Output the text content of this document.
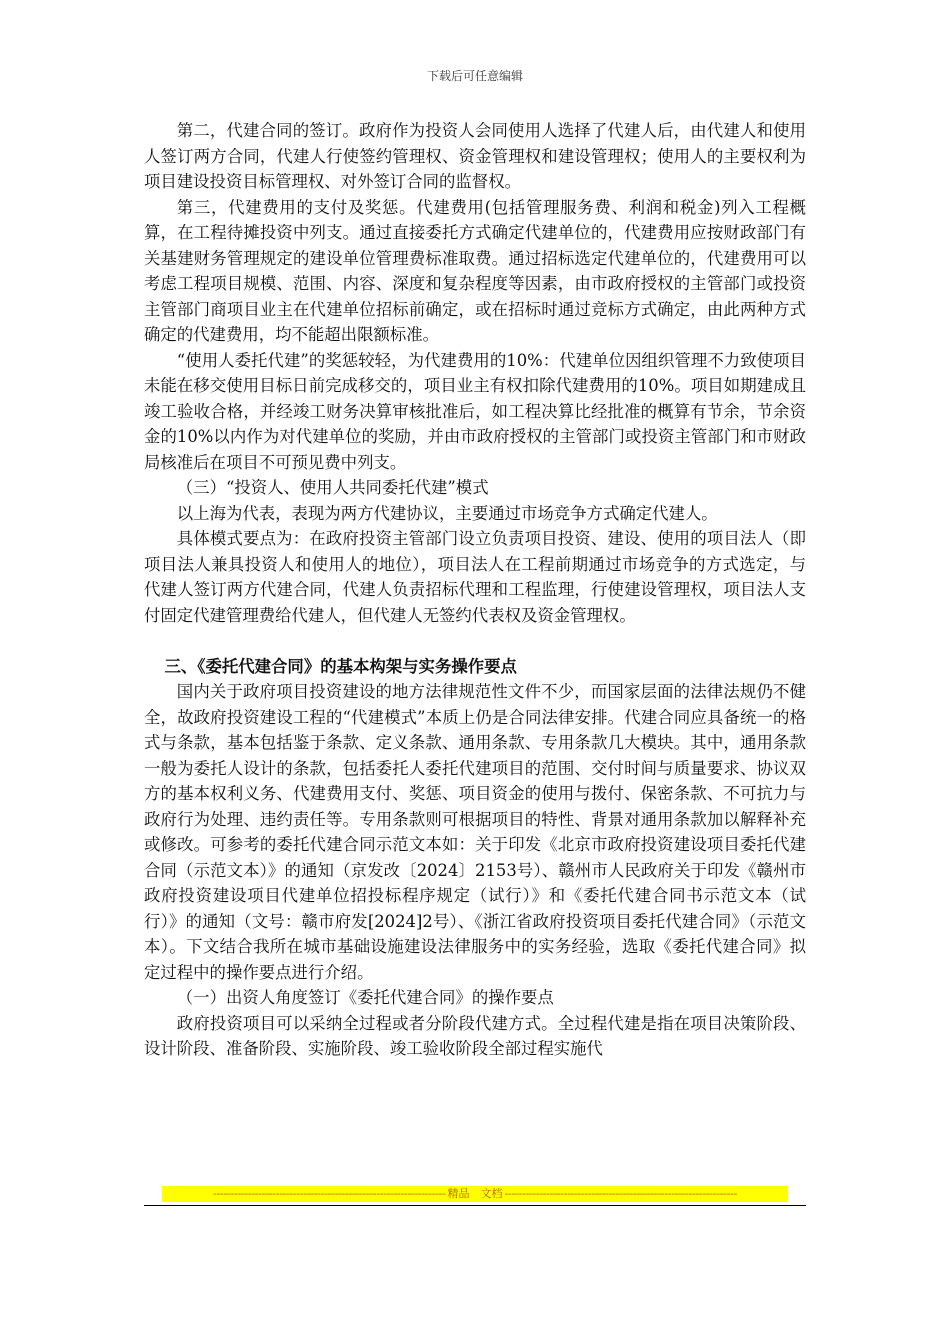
下载后可任意编辑

第二，代建合同的签订。政府作为投资人会同使用人选择了代建人后，由代建人和使用人签订两方合同，代建人行使签约管理权、资金管理权和建设管理权；使用人的主要权利为项目建设投资目标管理权、对外签订合同的监督权。

第三，代建费用的支付及奖惩。代建费用(包括管理服务费、利润和税金)列入工程概算，在工程待摊投资中列支。通过直接委托方式确定代建单位的，代建费用应按财政部门有关基建财务管理规定的建设单位管理费标准取费。通过招标选定代建单位的，代建费用可以考虑工程项目规模、范围、内容、深度和复杂程度等因素，由市政府授权的主管部门或投资主管部门商项目业主在代建单位招标前确定，或在招标时通过竞标方式确定，由此两种方式确定的代建费用，均不能超出限额标准。

“使用人委托代建”的奖惩较轻，为代建费用的10%：代建单位因组织管理不力致使项目未能在移交使用目标日前完成移交的，项目业主有权扣除代建费用的10%。项目如期建成且竣工验收合格，并经竣工财务决算审核批准后，如工程决算比经批准的概算有节余，节余资金的10%以内作为对代建单位的奖励，并由市政府授权的主管部门或投资主管部门和市财政局核准后在项目不可预见费中列支。

（三）“投资人、使用人共同委托代建”模式

以上海为代表，表现为两方代建协议，主要通过市场竞争方式确定代建人。

具体模式要点为：在政府投资主管部门设立负责项目投资、建设、使用的项目法人（即项目法人兼具投资人和使用人的地位），项目法人在工程前期通过市场竞争的方式选定，与代建人签订两方代建合同，代建人负责招标代理和工程监理，行使建设管理权，项目法人支付固定代建管理费给代建人，但代建人无签约代表权及资金管理权。

三、《委托代建合同》的基本构架与实务操作要点

国内关于政府项目投资建设的地方法律规范性文件不少，而国家层面的法律法规仍不健全，故政府投资建设工程的“代建模式”本质上仍是合同法律安排。代建合同应具备统一的格式与条款，基本包括鉴于条款、定义条款、通用条款、专用条款几大模块。其中，通用条款一般为委托人设计的条款，包括委托人委托代建项目的范围、交付时间与质量要求、协议双方的基本权利义务、代建费用支付、奖惩、项目资金的使用与拨付、保密条款、不可抗力与政府行为处理、违约责任等。专用条款则可根据项目的特性、背景对通用条款加以解释补充或修改。可参考的委托代建合同示范文本如：关于印发《北京市政府投资建设项目委托代建合同（示范文本）》的通知（京发改〔2024〕2153号）、赣州市人民政府关于印发《赣州市政府投资建设项目代建单位招投标程序规定（试行）》和《委托代建合同书示范文本（试行）》的通知（文号：赣市府发[2024]2号）、《浙江省政府投资项目委托代建合同》（示范文本）。下文结合我所在城市基础设施建设法律服务中的实务经验，选取《委托代建合同》拟定过程中的操作要点进行介绍。

（一）出资人角度签订《委托代建合同》的操作要点

政府投资项目可以采纳全过程或者分阶段代建方式。全过程代建是指在项目决策阶段、设计阶段、准备阶段、实施阶段、竣工验收阶段全部过程实施代

------------------------------------------------------------------- 精品　文档 -------------------------------------------------------------------
